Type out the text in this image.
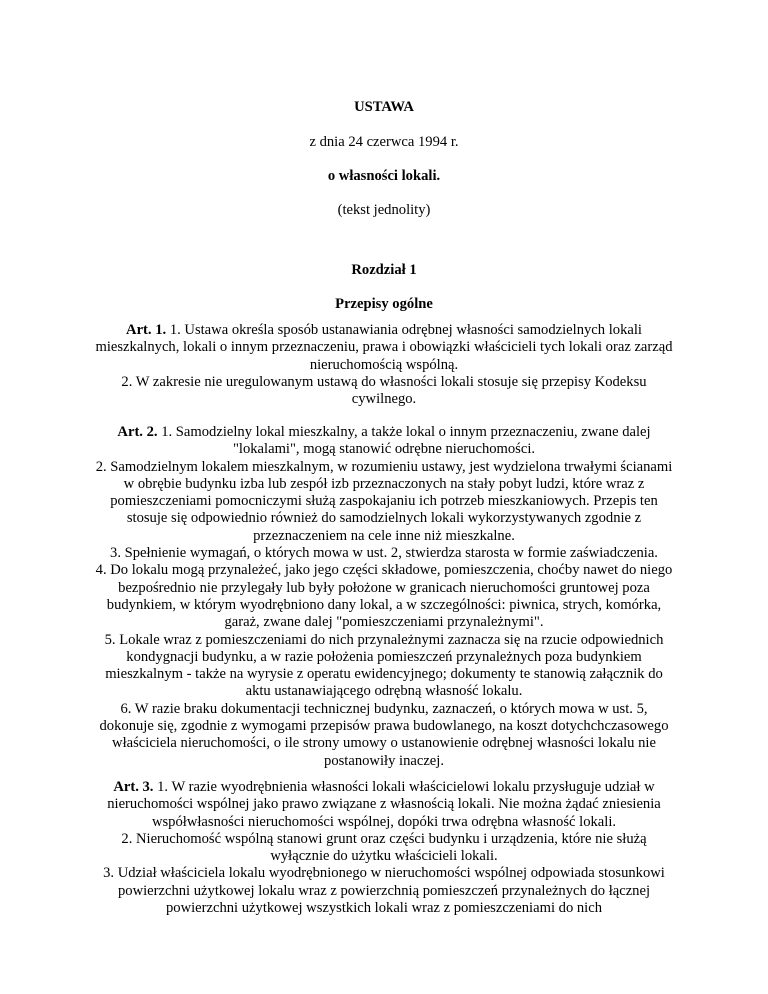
USTAWA
z dnia 24 czerwca 1994 r.
o własności lokali.
(tekst jednolity)
Rozdział 1
Przepisy ogólne

Art. 1. 1. Ustawa określa sposób ustanawiania odrębnej własności samodzielnych lokali mieszkalnych, lokali o innym przeznaczeniu, prawa i obowiązki właścicieli tych lokali oraz zarząd nieruchomością wspólną.

2. W zakresie nie uregulowanym ustawą do własności lokali stosuje się przepisy Kodeksu cywilnego.

Art. 2. 1. Samodzielny lokal mieszkalny, a także lokal o innym przeznaczeniu, zwane dalej "lokalami", mogą stanowić odrębne nieruchomości.

2. Samodzielnym lokalem mieszkalnym, w rozumieniu ustawy, jest wydzielona trwałymi ścianami w obrębie budynku izba lub zespół izb przeznaczonych na stały pobyt ludzi, które wraz z pomieszczeniami pomocniczymi służą zaspokajaniu ich potrzeb mieszkaniowych. Przepis ten stosuje się odpowiednio również do samodzielnych lokali wykorzystywanych zgodnie z przeznaczeniem na cele inne niż mieszkalne.

3. Spełnienie wymagań, o których mowa w ust. 2, stwierdza starosta w formie zaświadczenia.

4. Do lokalu mogą przynależeć, jako jego części składowe, pomieszczenia, choćby nawet do niego bezpośrednio nie przylegały lub były położone w granicach nieruchomości gruntowej poza budynkiem, w którym wyodrębniono dany lokal, a w szczególności: piwnica, strych, komórka, garaż, zwane dalej "pomieszczeniami przynależnymi".

5. Lokale wraz z pomieszczeniami do nich przynależnymi zaznacza się na rzucie odpowiednich kondygnacji budynku, a w razie położenia pomieszczeń przynależnych poza budynkiem mieszkalnym - także na wyrysie z operatu ewidencyjnego; dokumenty te stanowią załącznik do aktu ustanawiającego odrębną własność lokalu.

6. W razie braku dokumentacji technicznej budynku, zaznaczeń, o których mowa w ust. 5, dokonuje się, zgodnie z wymogami przepisów prawa budowlanego, na koszt dotychchczasowego właściciela nieruchomości, o ile strony umowy o ustanowienie odrębnej własności lokalu nie postanowiły inaczej.

Art. 3. 1. W razie wyodrębnienia własności lokali właścicielowi lokalu przysługuje udział w nieruchomości wspólnej jako prawo związane z własnością lokali. Nie można żądać zniesienia współwłasności nieruchomości wspólnej, dopóki trwa odrębna własność lokali.

2. Nieruchomość wspólną stanowi grunt oraz części budynku i urządzenia, które nie służą wyłącznie do użytku właścicieli lokali.

3. Udział właściciela lokalu wyodrębnionego w nieruchomości wspólnej odpowiada stosunkowi powierzchni użytkowej lokalu wraz z powierzchnią pomieszczeń przynależnych do łącznej powierzchni użytkowej wszystkich lokali wraz z pomieszczeniami do nich
